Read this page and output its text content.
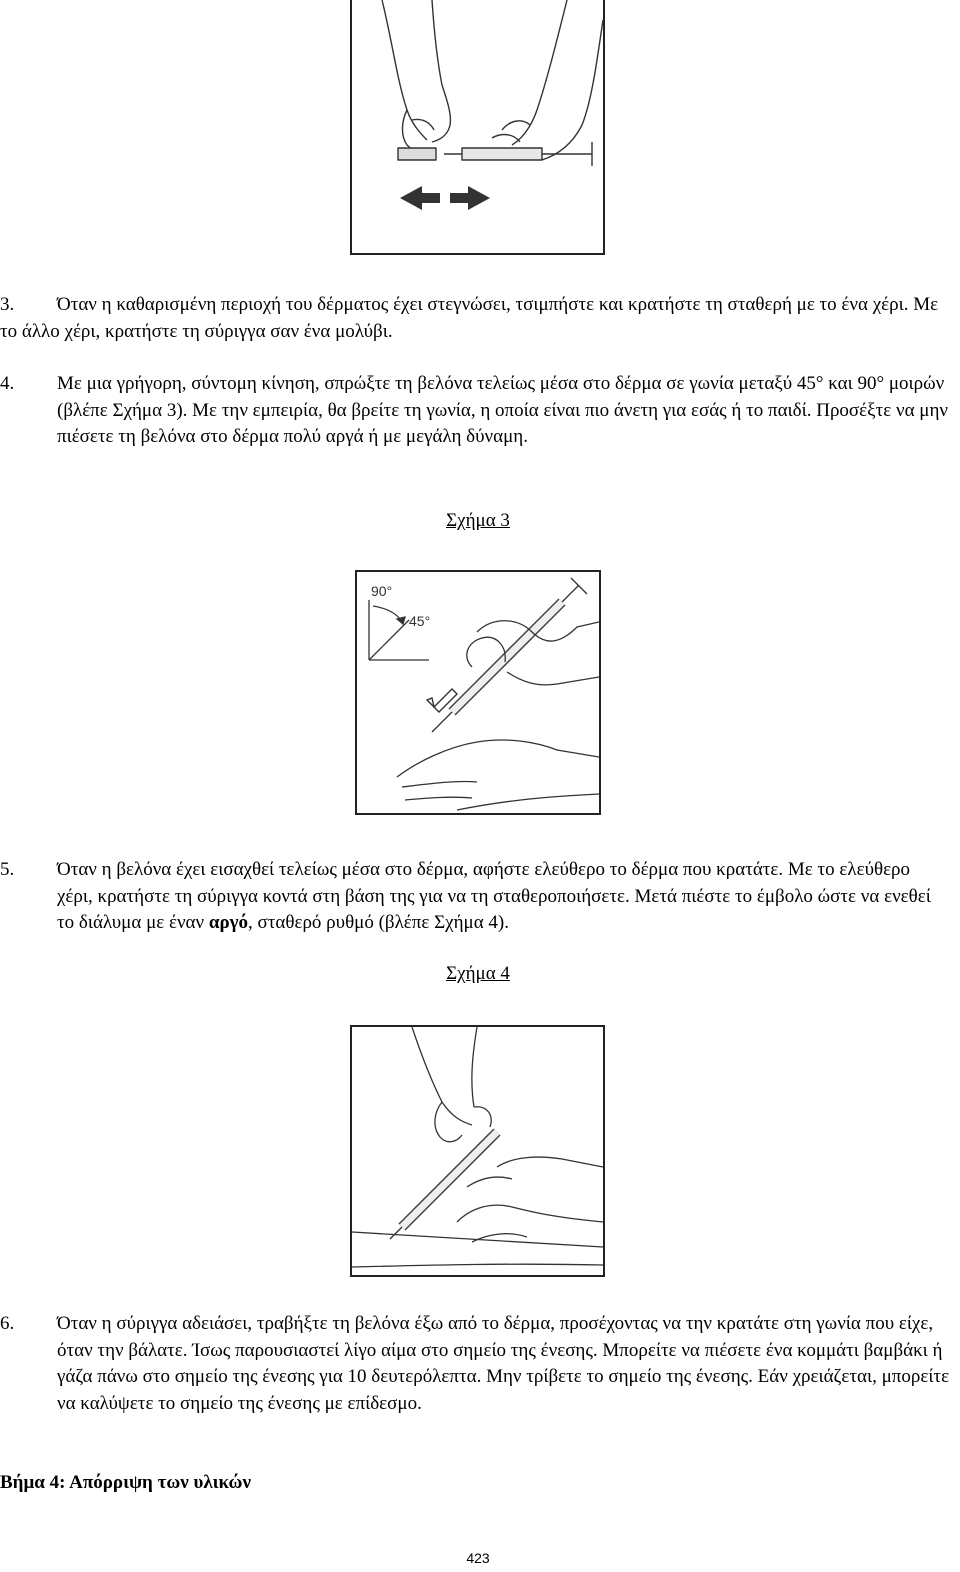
3.	Όταν η καθαρισμένη περιοχή του δέρματος έχει στεγνώσει, τσιμπήστε και κρατήστε τη σταθερή με το ένα χέρι. Με το άλλο χέρι, κρατήστε τη σύριγγα σαν ένα μολύβι.
4. Με μια γρήγορη, σύντομη κίνηση, σπρώξτε τη βελόνα τελείως μέσα στο δέρμα σε γωνία μεταξύ 45° και 90° μοιρών (βλέπε Σχήμα 3). Με την εμπειρία, θα βρείτε τη γωνία, η οποία είναι πιο άνετη για εσάς ή το παιδί. Προσέξτε να μην πιέσετε τη βελόνα στο δέρμα πολύ αργά ή με μεγάλη δύναμη.
Σχήμα 3
90°
45°
5. Όταν η βελόνα έχει εισαχθεί τελείως μέσα στο δέρμα, αφήστε ελεύθερο το δέρμα που κρατάτε. Με το ελεύθερο χέρι, κρατήστε τη σύριγγα κοντά στη βάση της για να τη σταθεροποιήσετε. Μετά πιέστε το έμβολο ώστε να ενεθεί το διάλυμα με έναν αργό, σταθερό ρυθμό (βλέπε Σχήμα 4).
Σχήμα 4
6. Όταν η σύριγγα αδειάσει, τραβήξτε τη βελόνα έξω από το δέρμα, προσέχοντας να την κρατάτε στη γωνία που είχε, όταν την βάλατε. Ίσως παρουσιαστεί λίγο αίμα στο σημείο της ένεσης. Μπορείτε να πιέσετε ένα κομμάτι βαμβάκι ή γάζα πάνω στο σημείο της ένεσης για 10 δευτερόλεπτα. Μην τρίβετε το σημείο της ένεσης. Εάν χρειάζεται, μπορείτε να καλύψετε το σημείο της ένεσης με επίδεσμο.
Βήμα 4: Απόρριψη των υλικών
423
